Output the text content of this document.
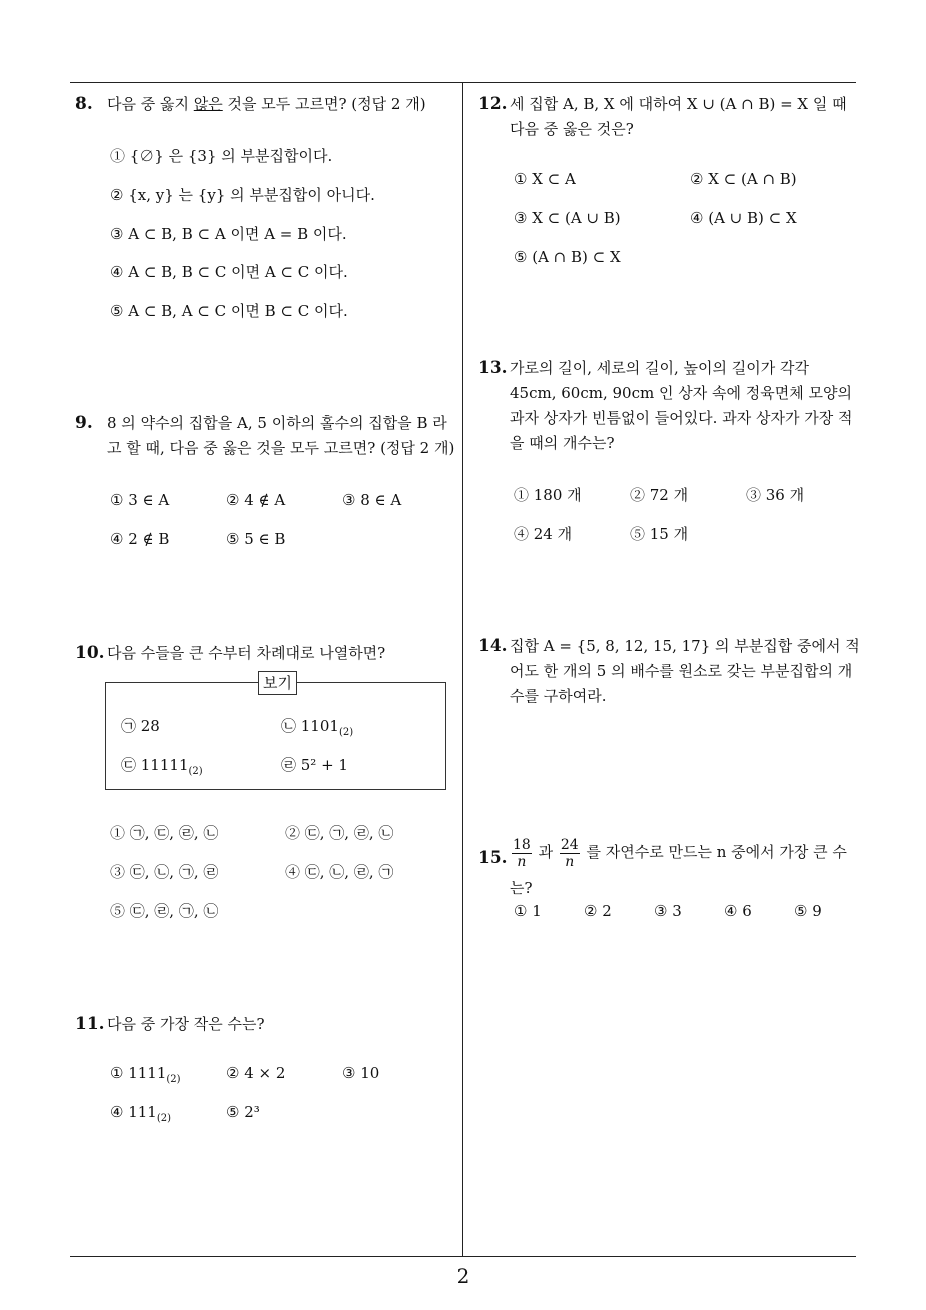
2
8. 다음 중 옳지 않은 것을 모두 고르면? (정답 2 개)
① {∅} 은 {3} 의 부분집합이다.
② {x, y} 는 {y} 의 부분집합이 아니다.
③ A ⊂ B, B ⊂ A 이면 A = B 이다.
④ A ⊂ B, B ⊂ C 이면 A ⊂ C 이다.
⑤ A ⊂ B, A ⊂ C 이면 B ⊂ C 이다.
9. 8 의 약수의 집합을 A, 5 이하의 홀수의 집합을 B 라고 할 때, 다음 중 옳은 것을 모두 고르면? (정답 2 개)
① 3 ∈ A	② 4 ∉ A	③ 8 ∈ A
④ 2 ∉ B	⑤ 5 ∈ B
10. 다음 수들을 큰 수부터 차례대로 나열하면?
보기
㉠ 28	㉡ $1101_{(2)}$
㉢ $11111_{(2)}$	㉣ 5² + 1
① ㉠, ㉢, ㉣, ㉡	② ㉢, ㉠, ㉣, ㉡
③ ㉢, ㉡, ㉠, ㉣	④ ㉢, ㉡, ㉣, ㉠
⑤ ㉢, ㉣, ㉠, ㉡
11. 다음 중 가장 작은 수는?
① $1111_{(2)}$	② 4 × 2	③ 10
④ $111_{(2)}$	⑤ 2³
12. 세 집합 A, B, X 에 대하여 X ∪ (A ∩ B) = X 일 때 다음 중 옳은 것은?
① X ⊂ A	② X ⊂ (A ∩ B)
③ X ⊂ (A ∪ B)	④ (A ∪ B) ⊂ X
⑤ (A ∩ B) ⊂ X
13. 가로의 길이, 세로의 길이, 높이의 길이가 각각 45cm, 60cm, 90cm 인 상자 속에 정육면체 모양의 과자 상자가 빈틈없이 들어있다. 과자 상자가 가장 적을 때의 개수는?
① 180 개	② 72 개	③ 36 개
④ 24 개	⑤ 15 개
14. 집합 A = {5, 8, 12, 15, 17} 의 부분집합 중에서 적어도 한 개의 5 의 배수를 원소로 갖는 부분집합의 개수를 구하여라.
15. $\frac{18}{n}$ 과 $\frac{24}{n}$ 를 자연수로 만드는 n 중에서 가장 큰 수는?
① 1	② 2	③ 3	④ 6	⑤ 9
